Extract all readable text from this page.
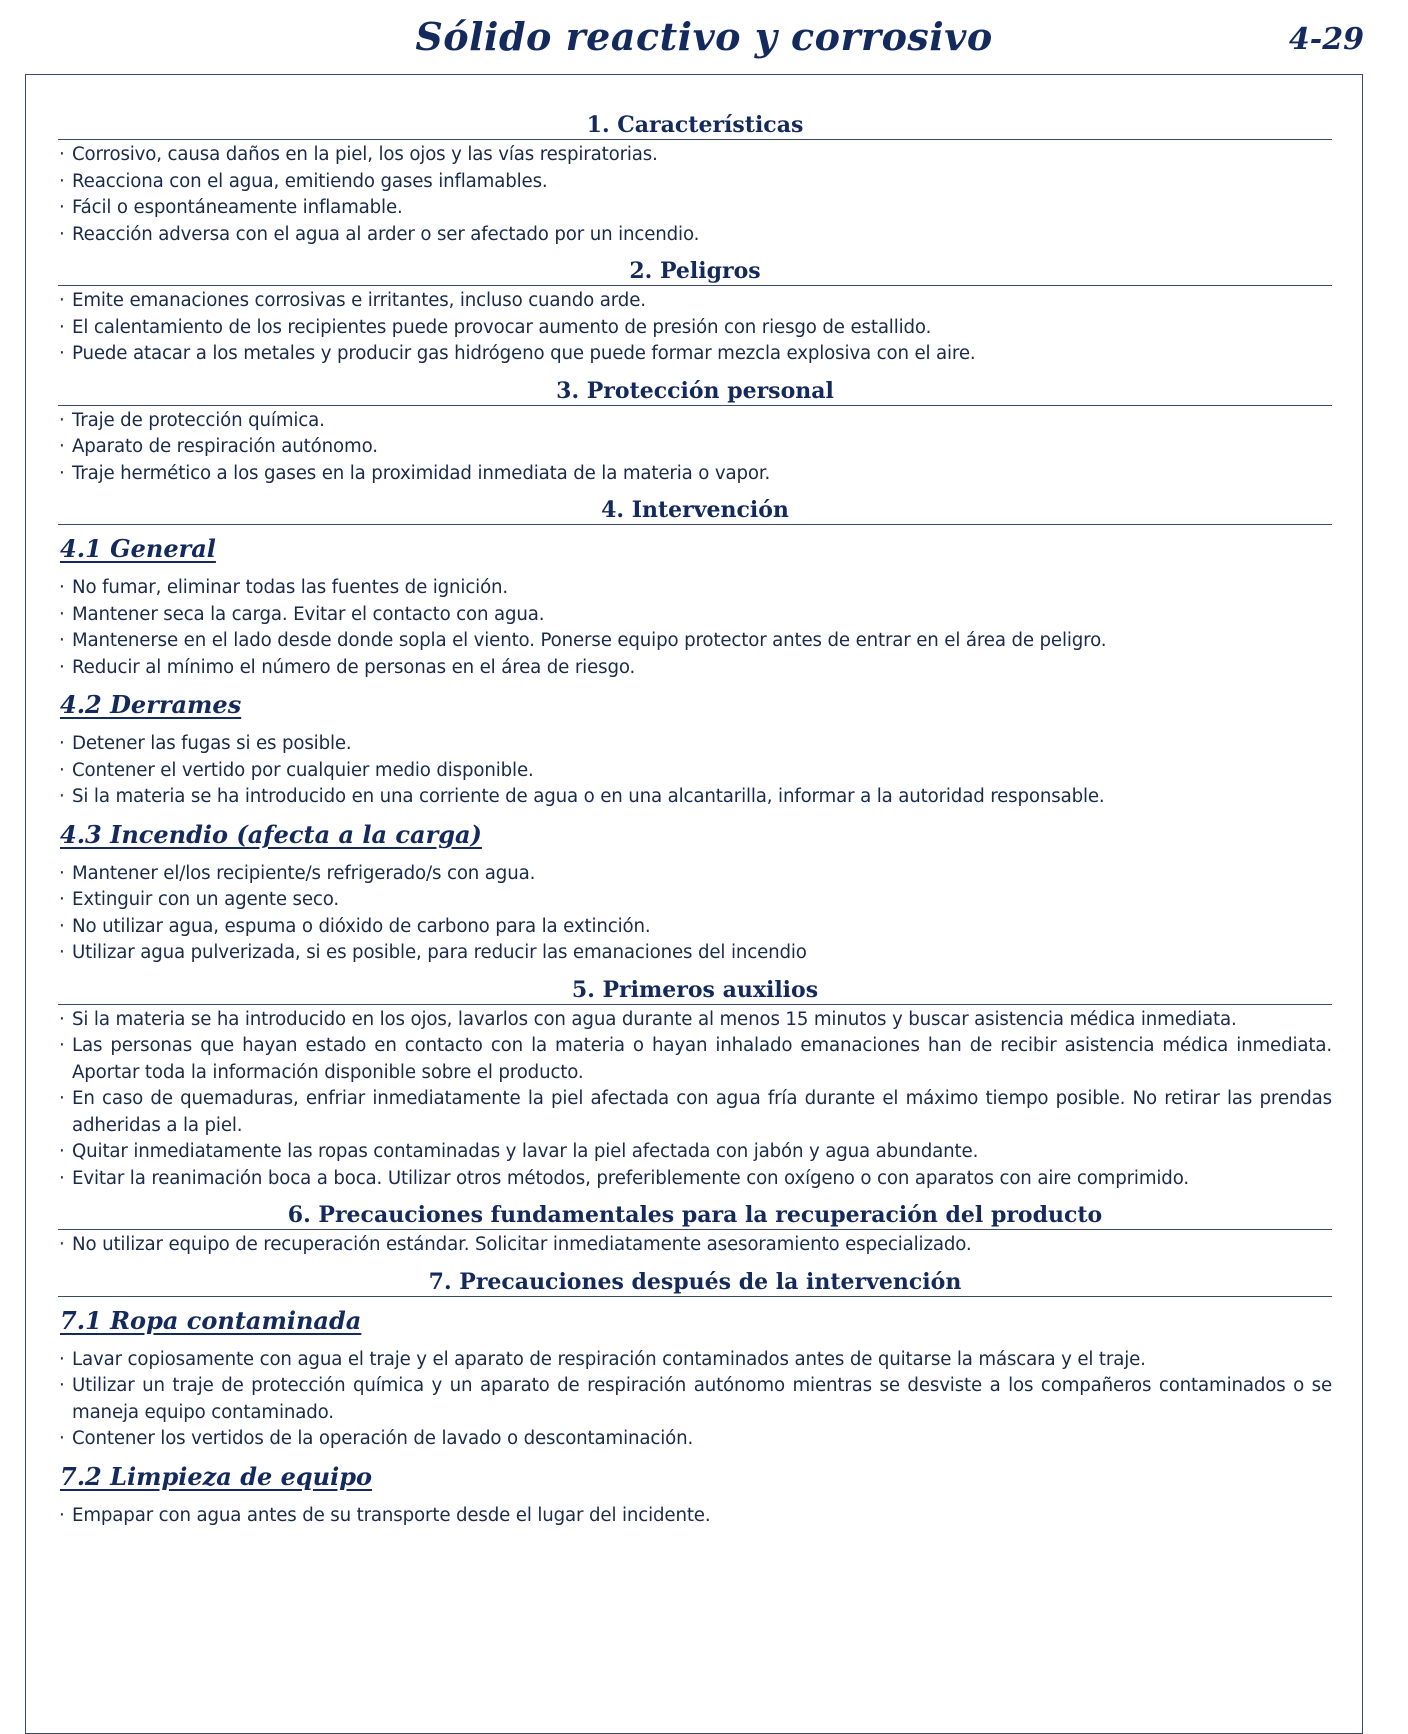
Sólido reactivo y corrosivo	4-29
1. Características
· Corrosivo, causa daños en la piel, los ojos y las vías respiratorias.
· Reacciona con el agua, emitiendo gases inflamables.
· Fácil o espontáneamente inflamable.
· Reacción adversa con el agua al arder o ser afectado por un incendio.
2. Peligros
· Emite emanaciones corrosivas e irritantes, incluso cuando arde.
· El calentamiento de los recipientes puede provocar aumento de presión con riesgo de estallido.
· Puede atacar a los metales y producir gas hidrógeno que puede formar mezcla explosiva con el aire.
3. Protección personal
· Traje de protección química.
· Aparato de respiración autónomo.
· Traje hermético a los gases en la proximidad inmediata de la materia o vapor.
4. Intervención
4.1 General
· No fumar, eliminar todas las fuentes de ignición.
· Mantener seca la carga. Evitar el contacto con agua.
· Mantenerse en el lado desde donde sopla el viento. Ponerse equipo protector antes de entrar en el área de peligro.
· Reducir al mínimo el número de personas en el área de riesgo.
4.2 Derrames
· Detener las fugas si es posible.
· Contener el vertido por cualquier medio disponible.
· Si la materia se ha introducido en una corriente de agua o en una alcantarilla, informar a la autoridad responsable.
4.3 Incendio (afecta a la carga)
· Mantener el/los recipiente/s refrigerado/s con agua.
· Extinguir con un agente seco.
· No utilizar agua, espuma o dióxido de carbono para la extinción.
· Utilizar agua pulverizada, si es posible, para reducir las emanaciones del incendio
5. Primeros auxilios
· Si la materia se ha introducido en los ojos, lavarlos con agua durante al menos 15 minutos y buscar asistencia médica inmediata.
· Las personas que hayan estado en contacto con la materia o hayan inhalado emanaciones han de recibir asistencia médica inmediata. Aportar toda la información disponible sobre el producto.
· En caso de quemaduras, enfriar inmediatamente la piel afectada con agua fría durante el máximo tiempo posible. No retirar las prendas adheridas a la piel.
· Quitar inmediatamente las ropas contaminadas y lavar la piel afectada con jabón y agua abundante.
· Evitar la reanimación boca a boca. Utilizar otros métodos, preferiblemente con oxígeno o con aparatos con aire comprimido.
6. Precauciones fundamentales para la recuperación del producto
· No utilizar equipo de recuperación estándar. Solicitar inmediatamente asesoramiento especializado.
7. Precauciones después de la intervención
7.1 Ropa contaminada
· Lavar copiosamente con agua el traje y el aparato de respiración contaminados antes de quitarse la máscara y el traje.
· Utilizar un traje de protección química y un aparato de respiración autónomo mientras se desviste a los compañeros contaminados o se maneja equipo contaminado.
· Contener los vertidos de la operación de lavado o descontaminación.
7.2 Limpieza de equipo
· Empapar con agua antes de su transporte desde el lugar del incidente.
